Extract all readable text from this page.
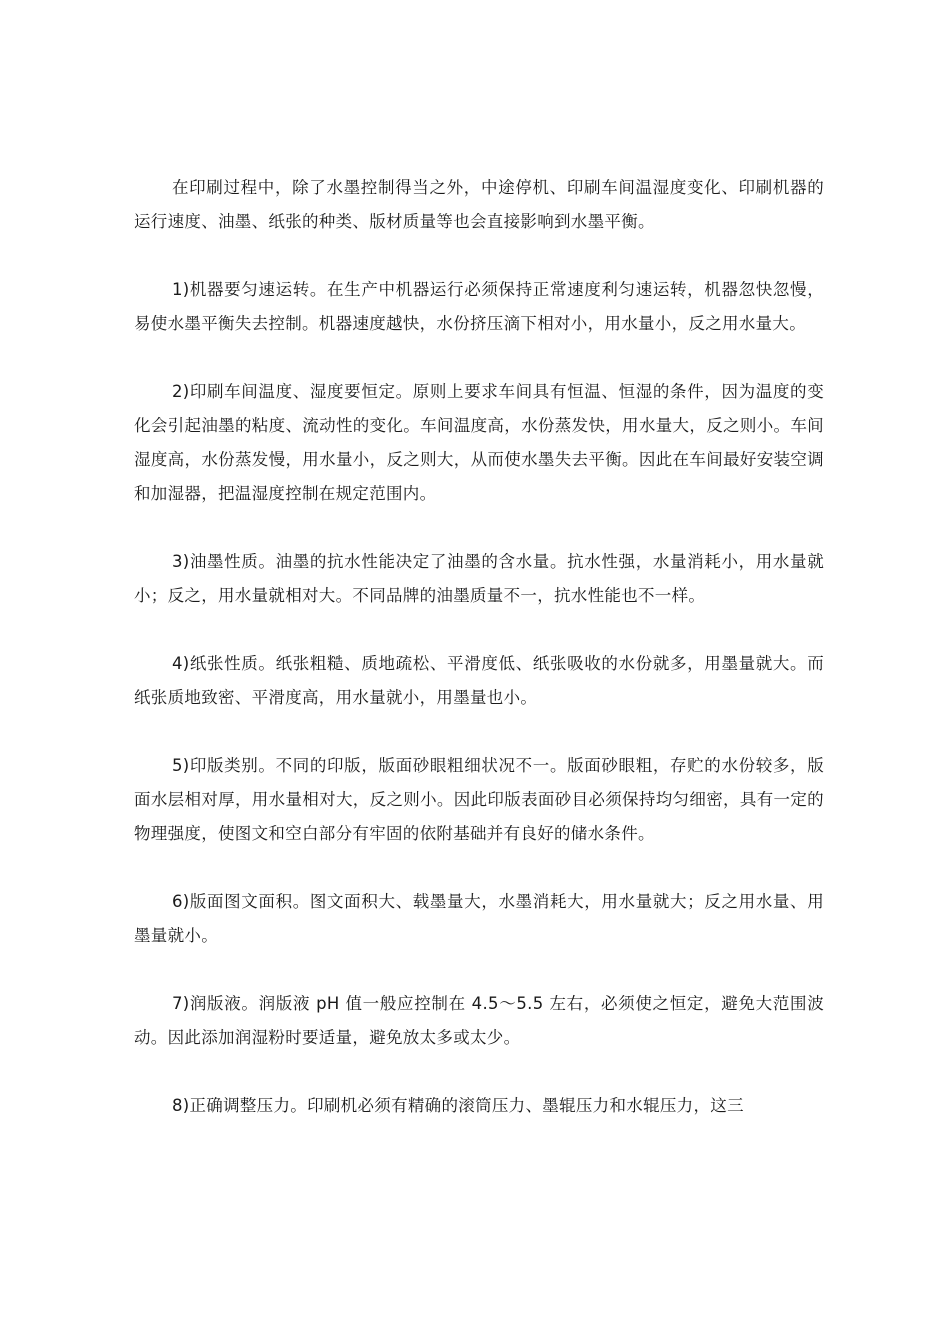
在印刷过程中，除了水墨控制得当之外，中途停机、印刷车间温湿度变化、印刷机器的运行速度、油墨、纸张的种类、版材质量等也会直接影响到水墨平衡。

1)机器要匀速运转。在生产中机器运行必须保持正常速度利匀速运转，机器忽快忽慢，易使水墨平衡失去控制。机器速度越快，水份挤压滴下相对小，用水量小，反之用水量大。

2)印刷车间温度、湿度要恒定。原则上要求车间具有恒温、恒湿的条件，因为温度的变化会引起油墨的粘度、流动性的变化。车间温度高，水份蒸发快，用水量大，反之则小。车间湿度高，水份蒸发慢，用水量小，反之则大，从而使水墨失去平衡。因此在车间最好安装空调和加湿器，把温湿度控制在规定范围内。

3)油墨性质。油墨的抗水性能决定了油墨的含水量。抗水性强，水量消耗小，用水量就小；反之，用水量就相对大。不同品牌的油墨质量不一，抗水性能也不一样。

4)纸张性质。纸张粗糙、质地疏松、平滑度低、纸张吸收的水份就多，用墨量就大。而纸张质地致密、平滑度高，用水量就小，用墨量也小。

5)印版类别。不同的印版，版面砂眼粗细状况不一。版面砂眼粗，存贮的水份较多，版面水层相对厚，用水量相对大，反之则小。因此印版表面砂目必须保持均匀细密，具有一定的物理强度，使图文和空白部分有牢固的依附基础并有良好的储水条件。

6)版面图文面积。图文面积大、载墨量大，水墨消耗大，用水量就大；反之用水量、用墨量就小。

7)润版液。润版液 pH 值一般应控制在 4.5～5.5 左右，必须使之恒定，避免大范围波动。因此添加润湿粉时要适量，避免放太多或太少。

8)正确调整压力。印刷机必须有精确的滚筒压力、墨辊压力和水辊压力，这三
